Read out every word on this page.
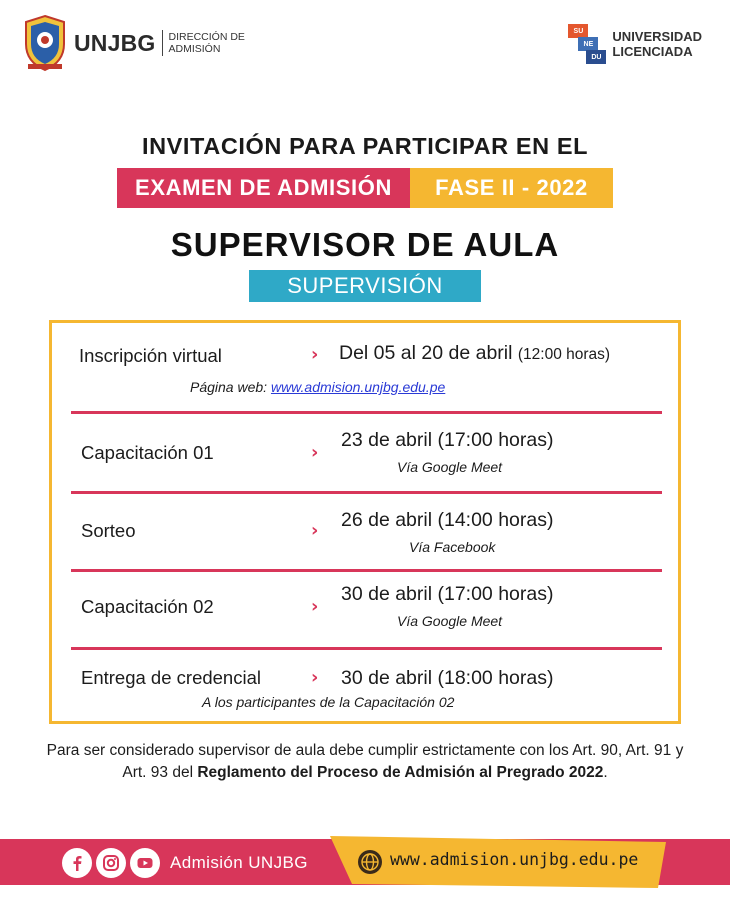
UNJBG DIRECCIÓN DE
ADMISIÓN
SU
NE
DU
UNIVERSIDAD
LICENCIADA
INVITACIÓN PARA PARTICIPAR EN EL
EXAMEN DE ADMISIÓN	FASE II - 2022
SUPERVISOR DE AULA
SUPERVISIÓN
Inscripción virtual	› Del 05 al 20 de abril (12:00 horas)
Página web: www.admision.unjbg.edu.pe
Capacitación 01	›
23 de abril (17:00 horas)
Vía Google Meet
Sorteo	› 26 de abril (14:00 horas)
Vía Facebook
Capacitación 02	›
30 de abril (17:00 horas)
Vía Google Meet
Entrega de credencial	› 30 de abril (18:00 horas)
A los participantes de la Capacitación 02
Para ser considerado supervisor de aula debe cumplir estrictamente con los Art. 90, Art. 91 y Art. 93 del Reglamento del Proceso de Admisión al Pregrado 2022.
Admisión UNJBG	www.admision.unjbg.edu.pe
